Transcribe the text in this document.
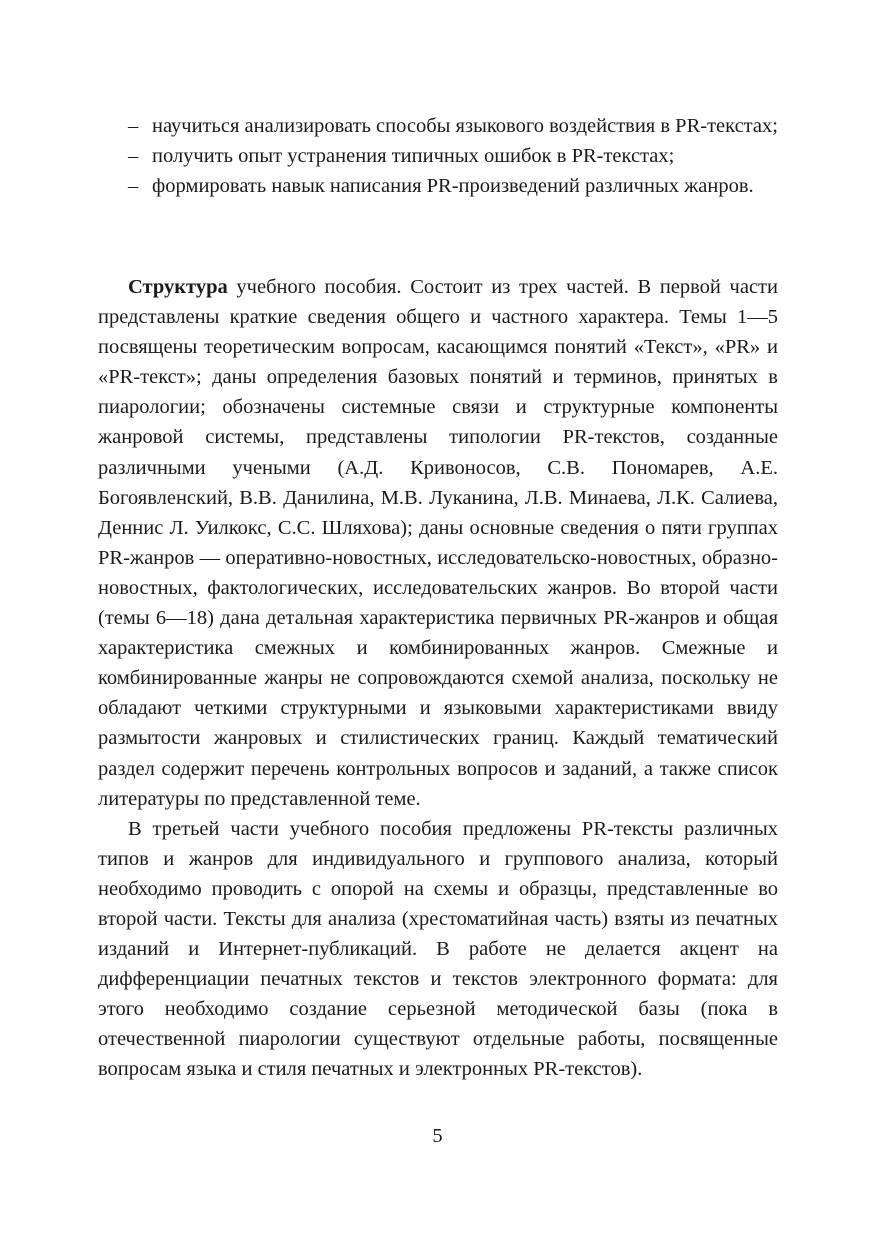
– научиться анализировать способы языкового воздействия в PR-текстах;
– получить опыт устранения типичных ошибок в PR-текстах;
– формировать навык написания PR-произведений различных жанров.

Структура учебного пособия. Состоит из трех частей. В первой части представлены краткие сведения общего и частного характера. Темы 1—5 посвящены теоретическим вопросам, касающимся понятий «Текст», «PR» и «PR-текст»; даны определения базовых понятий и терминов, принятых в пиарологии; обозначены системные связи и структурные компоненты жанровой системы, представлены типологии PR-текстов, созданные различными учеными (А.Д. Кривоносов, С.В. Пономарев, А.Е. Богоявленский, В.В. Данилина, М.В. Луканина, Л.В. Минаева, Л.К. Салиева, Деннис Л. Уилкокс, С.С. Шляхова); даны основные сведения о пяти группах PR-жанров — оперативно-новостных, исследовательско-новостных, образно-новостных, фактологических, исследовательских жанров. Во второй части (темы 6—18) дана детальная характеристика первичных PR-жанров и общая характеристика смежных и комбинированных жанров. Смежные и комбинированные жанры не сопровождаются схемой анализа, поскольку не обладают четкими структурными и языковыми характеристиками ввиду размытости жанровых и стилистических границ. Каждый тематический раздел содержит перечень контрольных вопросов и заданий, а также список литературы по представленной теме.

В третьей части учебного пособия предложены PR-тексты различных типов и жанров для индивидуального и группового анализа, который необходимо проводить с опорой на схемы и образцы, представленные во второй части. Тексты для анализа (хрестоматийная часть) взяты из печатных изданий и Интернет-публикаций. В работе не делается акцент на дифференциации печатных текстов и текстов электронного формата: для этого необходимо создание серьезной методической базы (пока в отечественной пиарологии существуют отдельные работы, посвященные вопросам языка и стиля печатных и электронных PR-текстов).

5
